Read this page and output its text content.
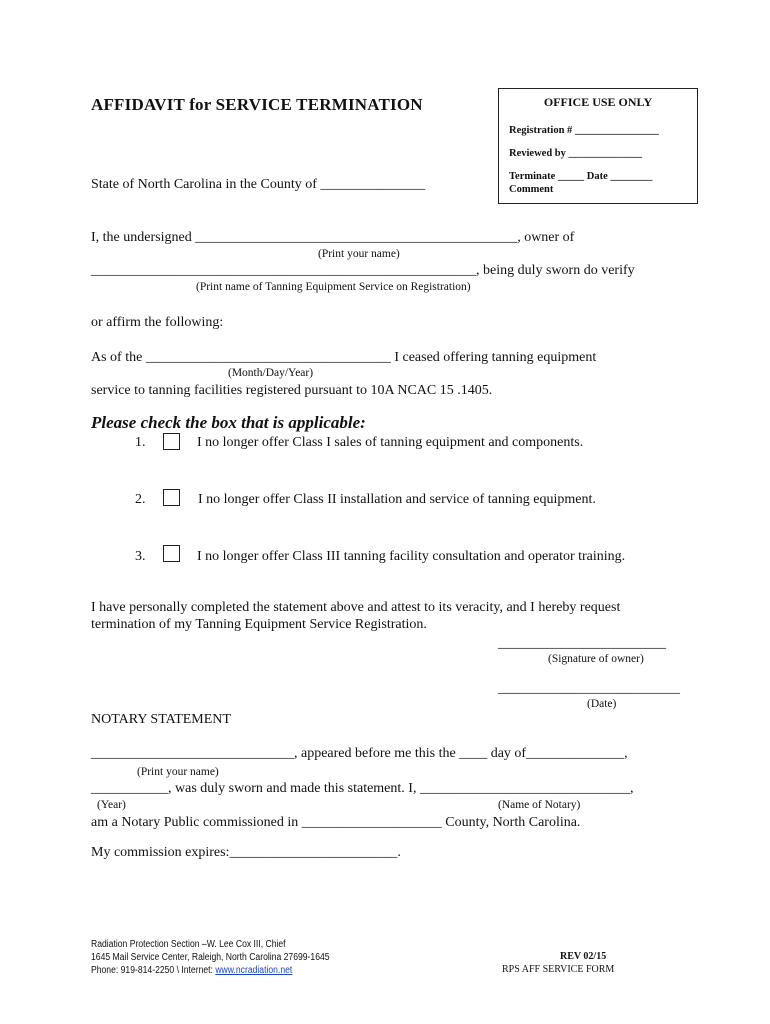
AFFIDAVIT for SERVICE TERMINATION	OFFICE USE ONLY
Registration # ________________
Reviewed by ______________
Terminate _____ Date ________
Comment
State of North Carolina in the County of _______________
I, the undersigned ______________________________________________, owner of
(Print your name)
_______________________________________________________, being duly sworn do verify
(Print name of Tanning Equipment Service on Registration)
or affirm the following:
As of the ___________________________________ I ceased offering tanning equipment
(Month/Day/Year)
service to tanning facilities registered pursuant to 10A NCAC 15 .1405.
Please check the box that is applicable:
1.	I no longer offer Class I sales of tanning equipment and components.
2.	I no longer offer Class II installation and service of tanning equipment.
3.	I no longer offer Class III tanning facility consultation and operator training.
I have personally completed the statement above and attest to its veracity, and I hereby request
termination of my Tanning Equipment Service Registration.
________________________
(Signature of owner)
__________________________
(Date)
NOTARY STATEMENT
_____________________________, appeared before me this the ____ day of______________,
(Print your name)
___________, was duly sworn and made this statement. I, ______________________________,
(Year)	(Name of Notary)
am a Notary Public commissioned in ____________________ County, North Carolina.
My commission expires:________________________.
Radiation Protection Section –W. Lee Cox III, Chief
1645 Mail Service Center, Raleigh, North Carolina 27699-1645
Phone: 919-814-2250 \ Internet: www.ncradiation.net
REV 02/15
RPS AFF SERVICE FORM
